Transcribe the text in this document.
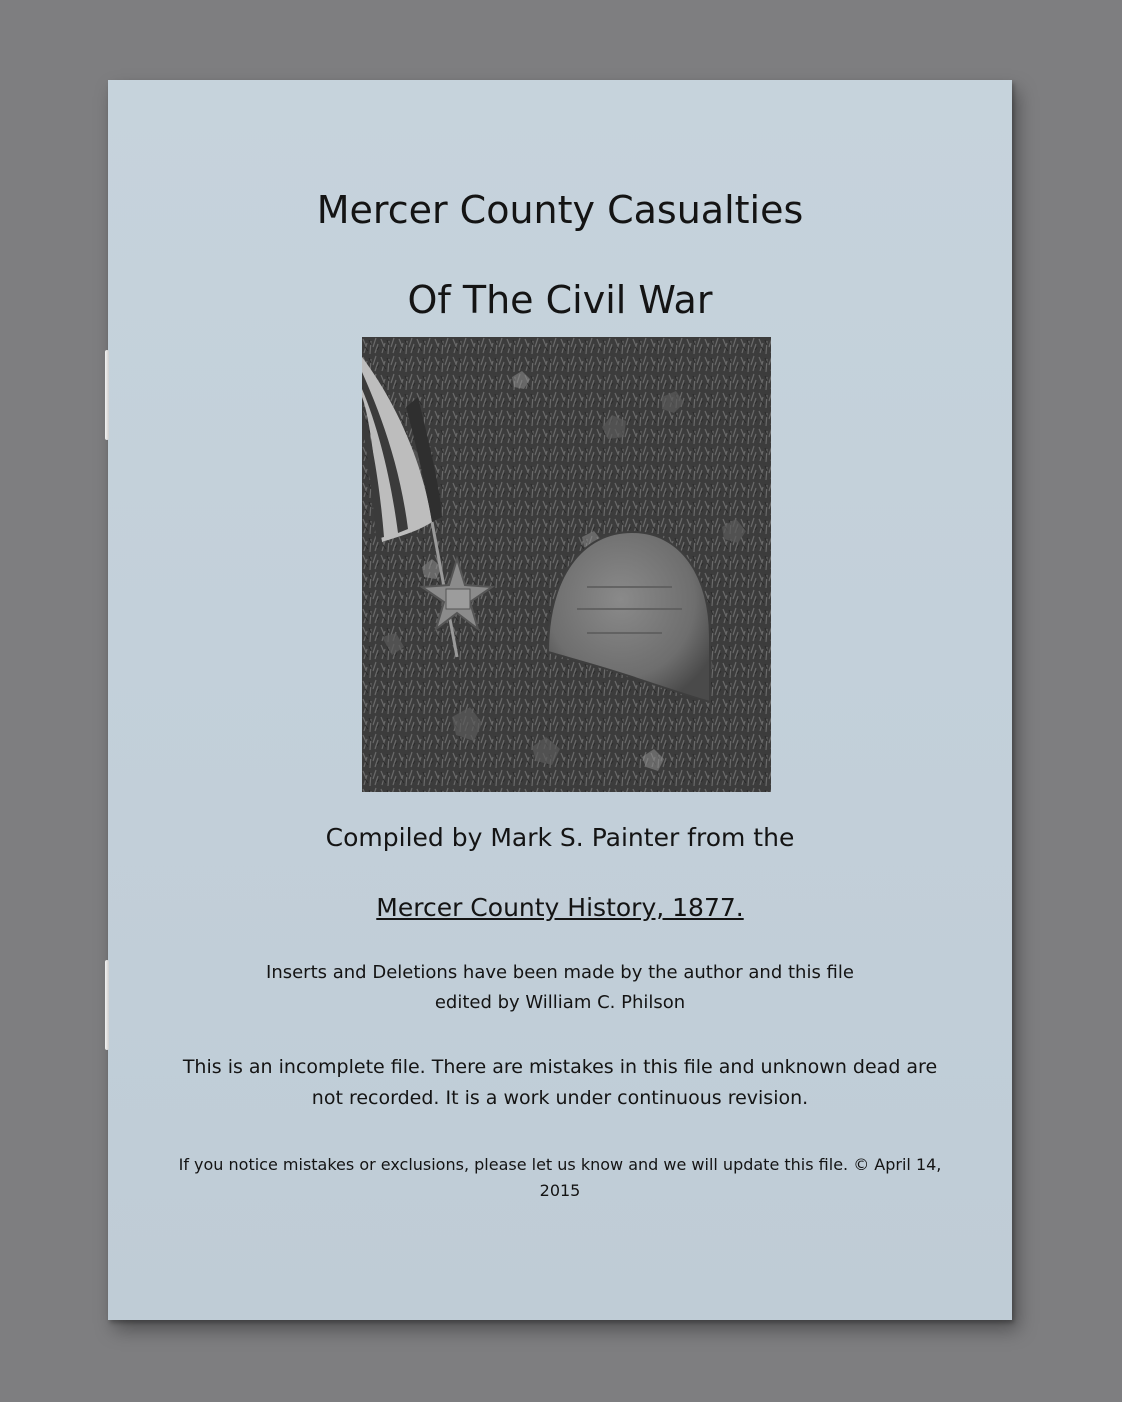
Mercer County Casualties
Of The Civil War
Compiled by Mark S. Painter from the
Mercer County History, 1877.
Inserts and Deletions have been made by the author and this file
edited by William C. Philson
This is an incomplete file. There are mistakes in this file and unknown dead are
not recorded. It is a work under continuous revision.
If you notice mistakes or exclusions, please let us know and we will update this file. © April 14,
2015
